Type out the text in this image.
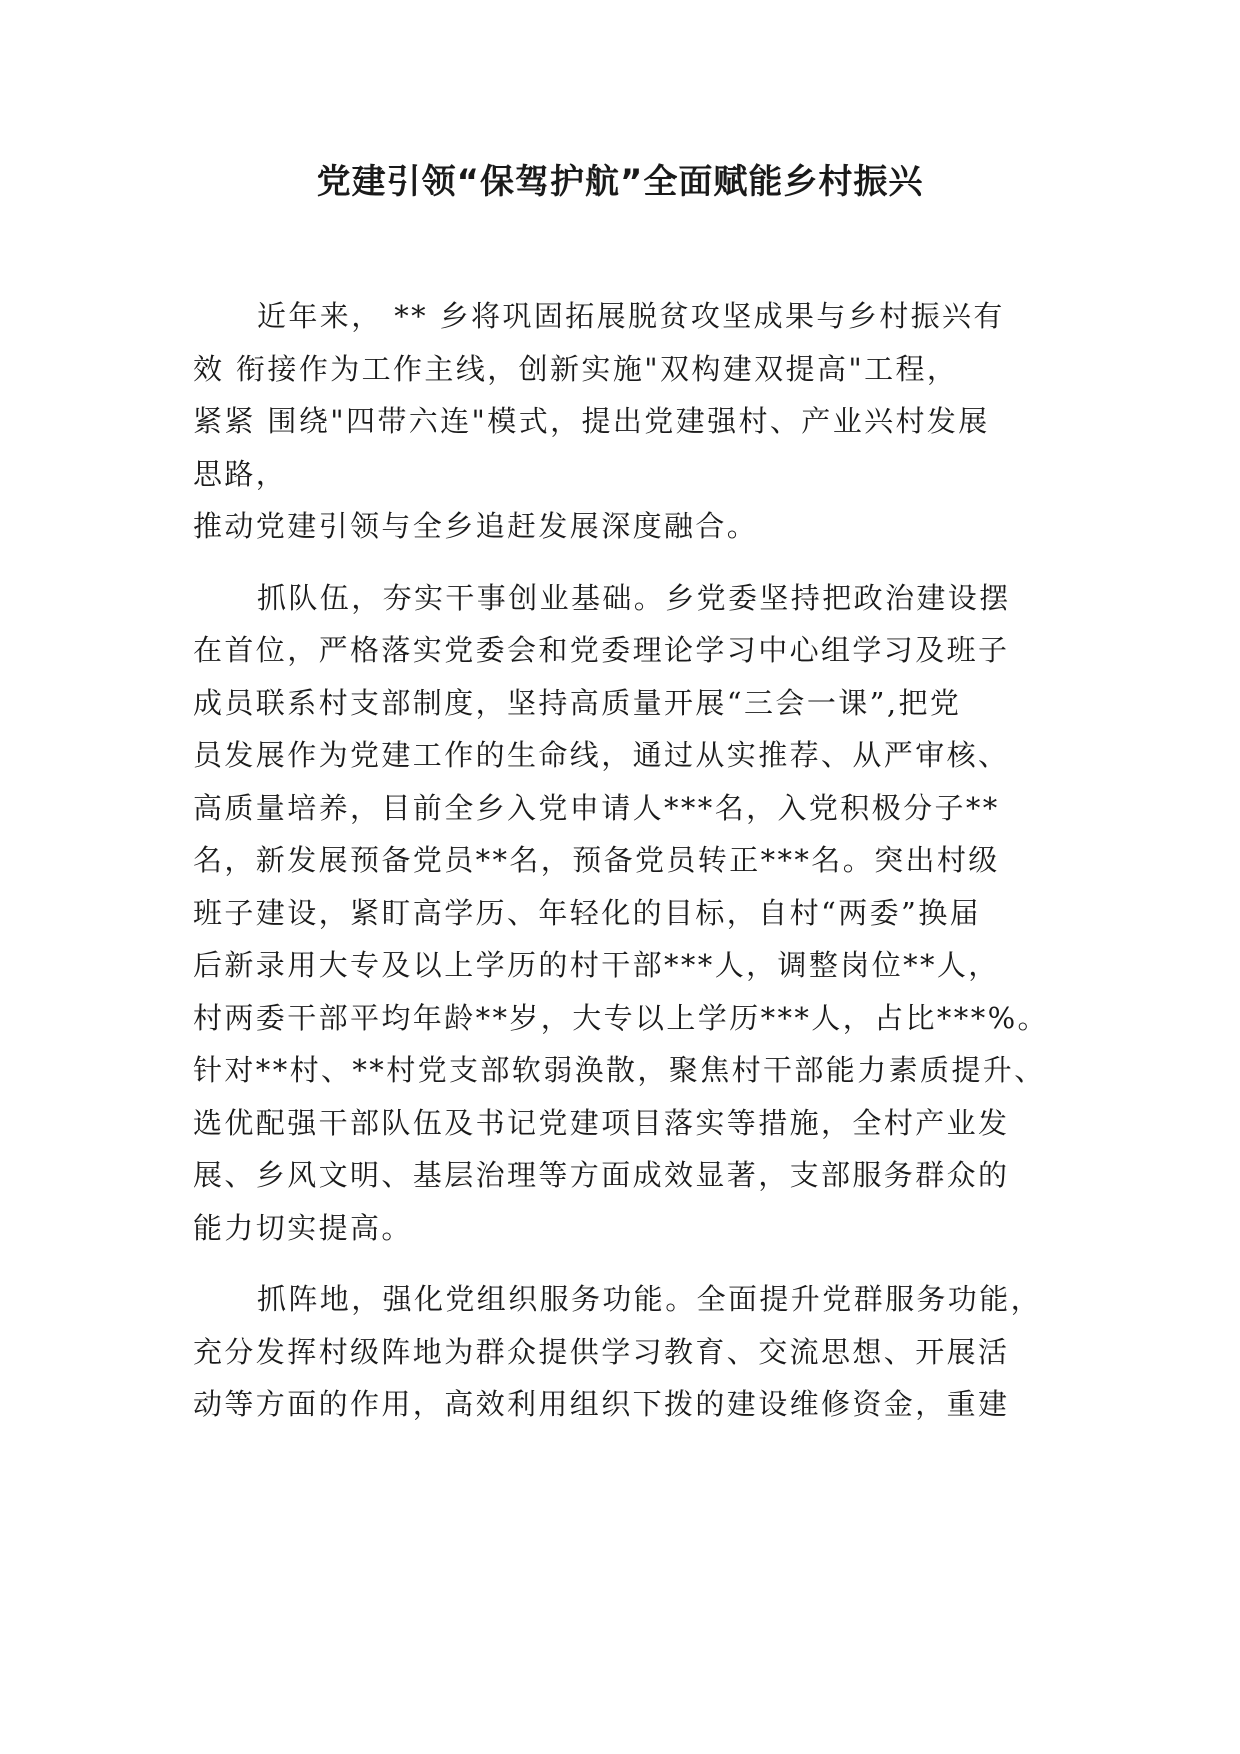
党建引领“保驾护航”全面赋能乡村振兴
近年来， ** 乡将巩固拓展脱贫攻坚成果与乡村振兴有
效 衔接作为工作主线，创新实施"双构建双提高"工程，
紧紧 围绕"四带六连"模式，提出党建强村、产业兴村发展
思路，
推动党建引领与全乡追赶发展深度融合。
抓队伍，夯实干事创业基础。乡党委坚持把政治建设摆
在首位，严格落实党委会和党委理论学习中心组学习及班子
成员联系村支部制度，坚持高质量开展“三会一课”,把党
员发展作为党建工作的生命线，通过从实推荐、从严审核、
高质量培养，目前全乡入党申请人***名，入党积极分子**
名，新发展预备党员**名，预备党员转正***名。突出村级
班子建设，紧盯高学历、年轻化的目标，自村“两委”换届
后新录用大专及以上学历的村干部***人，调整岗位**人，
村两委干部平均年龄**岁，大专以上学历***人，占比***%。
针对**村、**村党支部软弱涣散，聚焦村干部能力素质提升、
选优配强干部队伍及书记党建项目落实等措施，全村产业发
展、乡风文明、基层治理等方面成效显著，支部服务群众的
能力切实提高。
抓阵地，强化党组织服务功能。全面提升党群服务功能，
充分发挥村级阵地为群众提供学习教育、交流思想、开展活
动等方面的作用，高效利用组织下拨的建设维修资金，重建
